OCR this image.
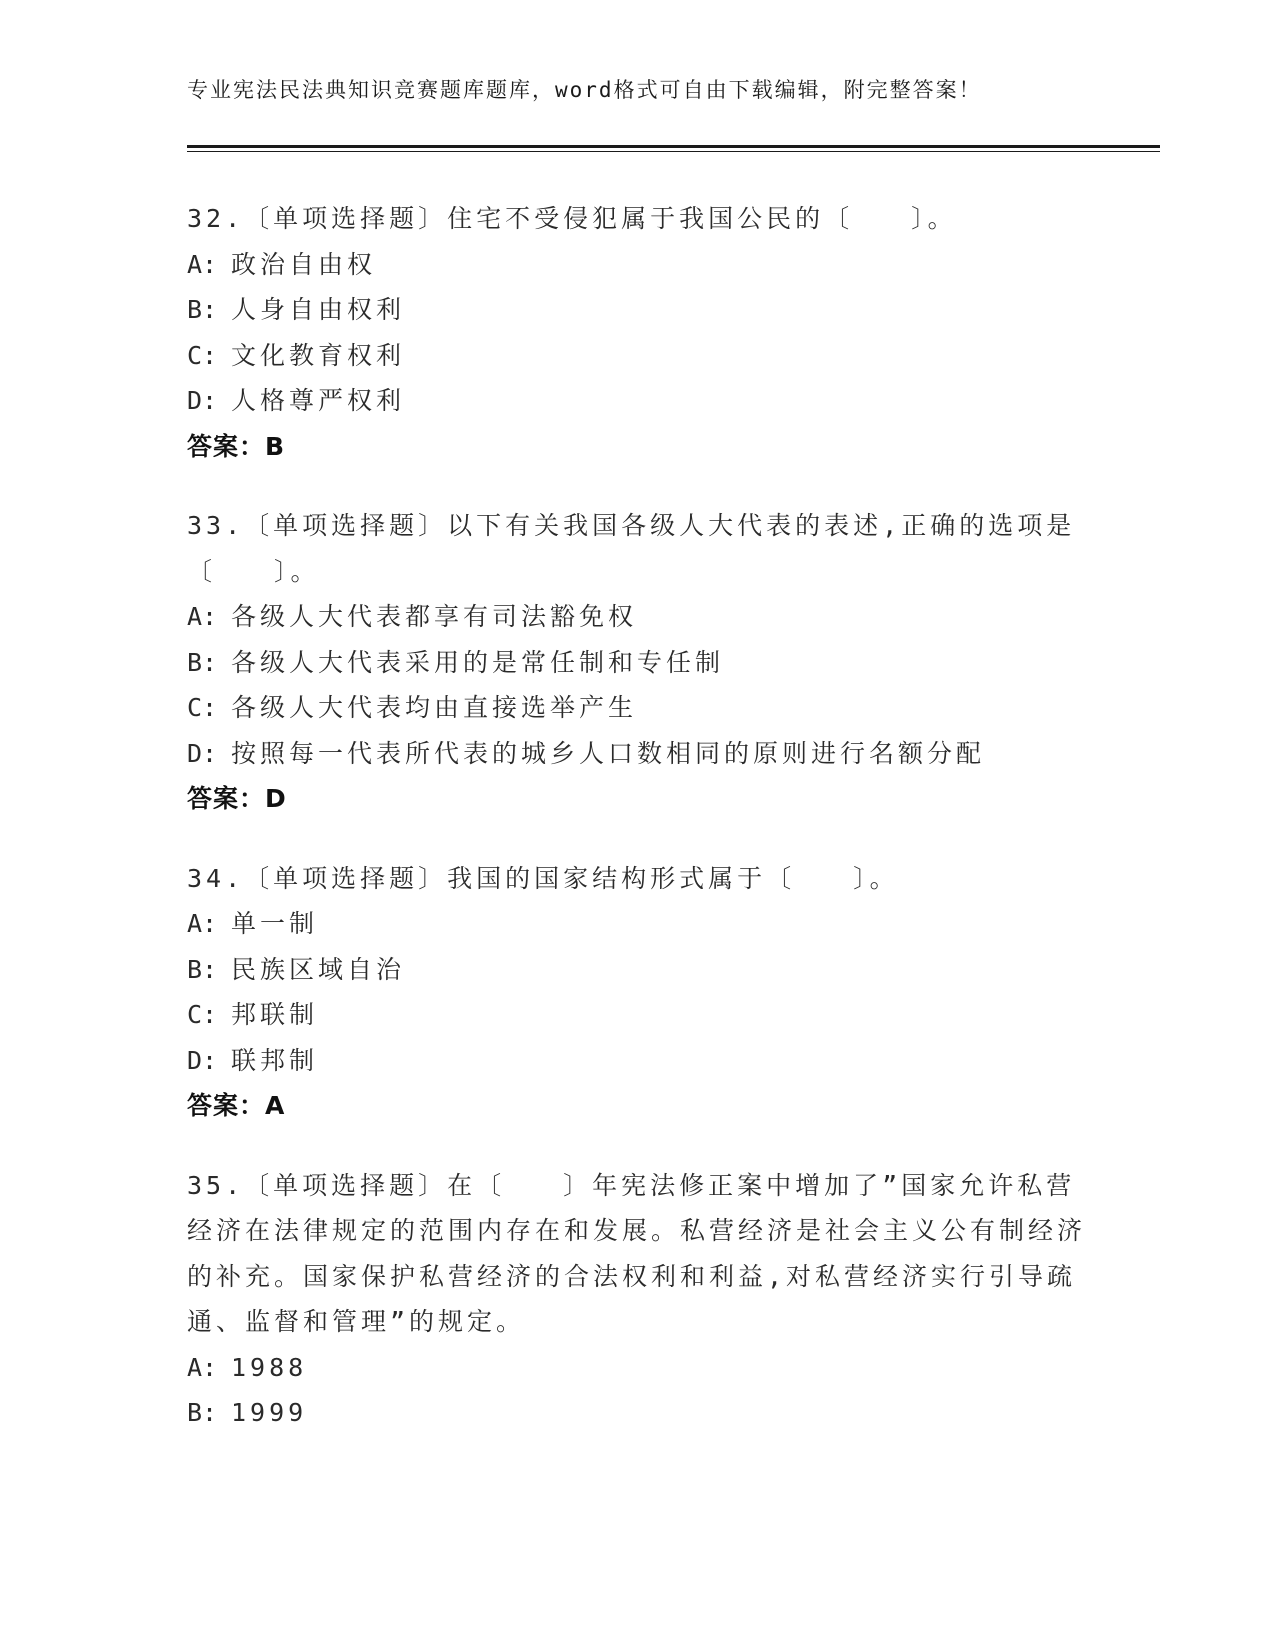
专业宪法民法典知识竞赛题库题库，word格式可自由下载编辑，附完整答案！

32.〔单项选择题〕住宅不受侵犯属于我国公民的〔　　〕。

A: 政治自由权
B: 人身自由权利
C: 文化教育权利
D: 人格尊严权利
答案：B

33.〔单项选择题〕以下有关我国各级人大代表的表述,正确的选项是〔　　〕。

A: 各级人大代表都享有司法豁免权
B: 各级人大代表采用的是常任制和专任制
C: 各级人大代表均由直接选举产生
D: 按照每一代表所代表的城乡人口数相同的原则进行名额分配
答案：D

34.〔单项选择题〕我国的国家结构形式属于〔　　〕。

A: 单一制
B: 民族区域自治
C: 邦联制
D: 联邦制
答案：A

35.〔单项选择题〕在〔　　〕年宪法修正案中增加了”国家允许私营经济在法律规定的范围内存在和发展。私营经济是社会主义公有制经济的补充。国家保护私营经济的合法权利和利益,对私营经济实行引导疏通、监督和管理”的规定。

A: 1988
B: 1999
